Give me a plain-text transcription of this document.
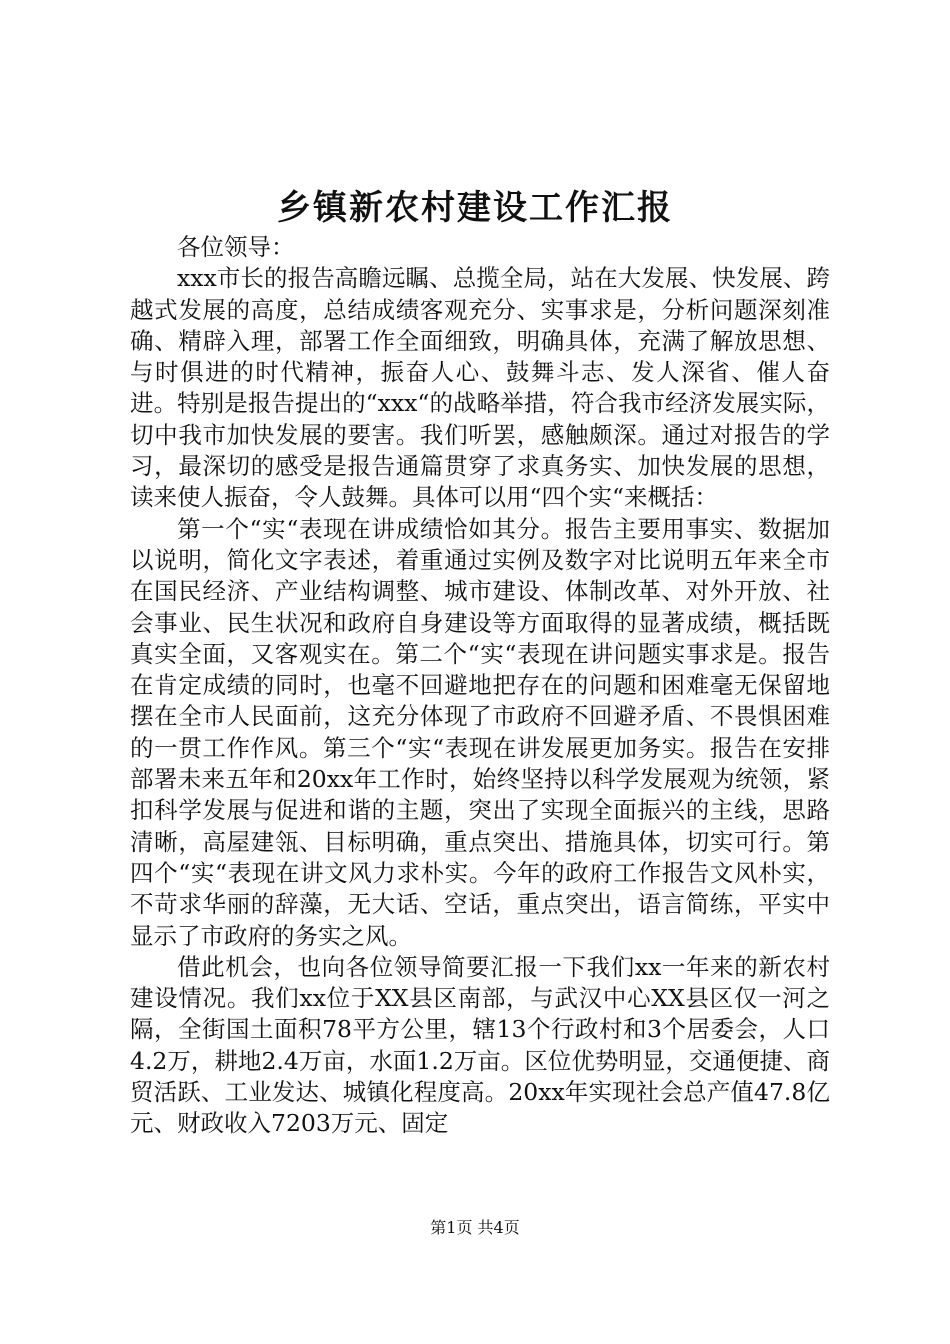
乡镇新农村建设工作汇报

各位领导：

xxx市长的报告高瞻远瞩、总揽全局，站在大发展、快发展、跨越式发展的高度，总结成绩客观充分、实事求是，分析问题深刻准确、精辟入理，部署工作全面细致，明确具体，充满了解放思想、与时俱进的时代精神，振奋人心、鼓舞斗志、发人深省、催人奋进。特别是报告提出的“xxx“的战略举措，符合我市经济发展实际，切中我市加快发展的要害。我们听罢，感触颇深。通过对报告的学习，最深切的感受是报告通篇贯穿了求真务实、加快发展的思想，读来使人振奋，令人鼓舞。具体可以用“四个实“来概括：

第一个“实“表现在讲成绩恰如其分。报告主要用事实、数据加以说明，简化文字表述，着重通过实例及数字对比说明五年来全市在国民经济、产业结构调整、城市建设、体制改革、对外开放、社会事业、民生状况和政府自身建设等方面取得的显著成绩，概括既真实全面，又客观实在。第二个“实“表现在讲问题实事求是。报告在肯定成绩的同时，也毫不回避地把存在的问题和困难毫无保留地摆在全市人民面前，这充分体现了市政府不回避矛盾、不畏惧困难的一贯工作作风。第三个“实“表现在讲发展更加务实。报告在安排部署未来五年和20xx年工作时，始终坚持以科学发展观为统领，紧扣科学发展与促进和谐的主题，突出了实现全面振兴的主线，思路清晰，高屋建瓴、目标明确，重点突出、措施具体，切实可行。第四个“实“表现在讲文风力求朴实。今年的政府工作报告文风朴实，不苛求华丽的辞藻，无大话、空话，重点突出，语言简练，平实中显示了市政府的务实之风。

借此机会，也向各位领导简要汇报一下我们xx一年来的新农村建设情况。我们xx位于XX县区南部，与武汉中心XX县区仅一河之隔，全街国土面积78平方公里，辖13个行政村和3个居委会，人口4.2万，耕地2.4万亩，水面1.2万亩。区位优势明显，交通便捷、商贸活跃、工业发达、城镇化程度高。20xx年实现社会总产值47.8亿元、财政收入7203万元、固定

第1页 共4页
